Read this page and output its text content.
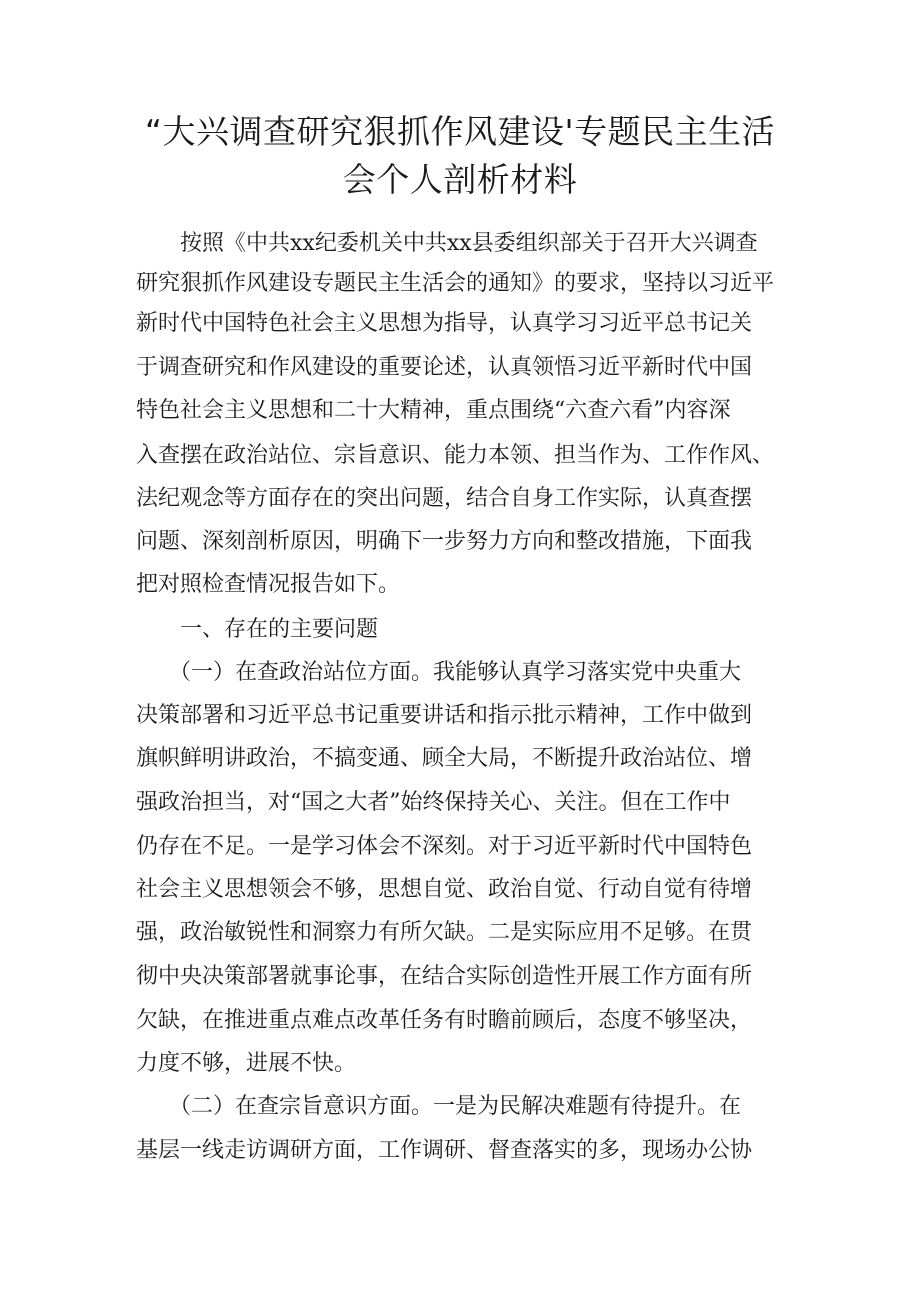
“大兴调查研究狠抓作风建设'专题民主生活
会个人剖析材料

　　按照《中共xx纪委机关中共xx县委组织部关于召开大兴调查

研究狠抓作风建设专题民主生活会的通知》的要求，坚持以习近平

新时代中国特色社会主义思想为指导，认真学习习近平总书记关

于调查研究和作风建设的重要论述，认真领悟习近平新时代中国

特色社会主义思想和二十大精神，重点围绕“六查六看”内容深

入查摆在政治站位、宗旨意识、能力本领、担当作为、工作作风、

法纪观念等方面存在的突出问题，结合自身工作实际，认真查摆

问题、深刻剖析原因，明确下一步努力方向和整改措施，下面我

把对照检查情况报告如下。

　　一、存在的主要问题

　　（一）在查政治站位方面。我能够认真学习落实党中央重大

决策部署和习近平总书记重要讲话和指示批示精神，工作中做到

旗帜鲜明讲政治，不搞变通、顾全大局，不断提升政治站位、增

强政治担当，对“国之大者”始终保持关心、关注。但在工作中

仍存在不足。一是学习体会不深刻。对于习近平新时代中国特色

社会主义思想领会不够，思想自觉、政治自觉、行动自觉有待增

强，政治敏锐性和洞察力有所欠缺。二是实际应用不足够。在贯

彻中央决策部署就事论事，在结合实际创造性开展工作方面有所

欠缺，在推进重点难点改革任务有时瞻前顾后，态度不够坚决，

力度不够，进展不快。

　　（二）在查宗旨意识方面。一是为民解决难题有待提升。在

基层一线走访调研方面，工作调研、督查落实的多，现场办公协
